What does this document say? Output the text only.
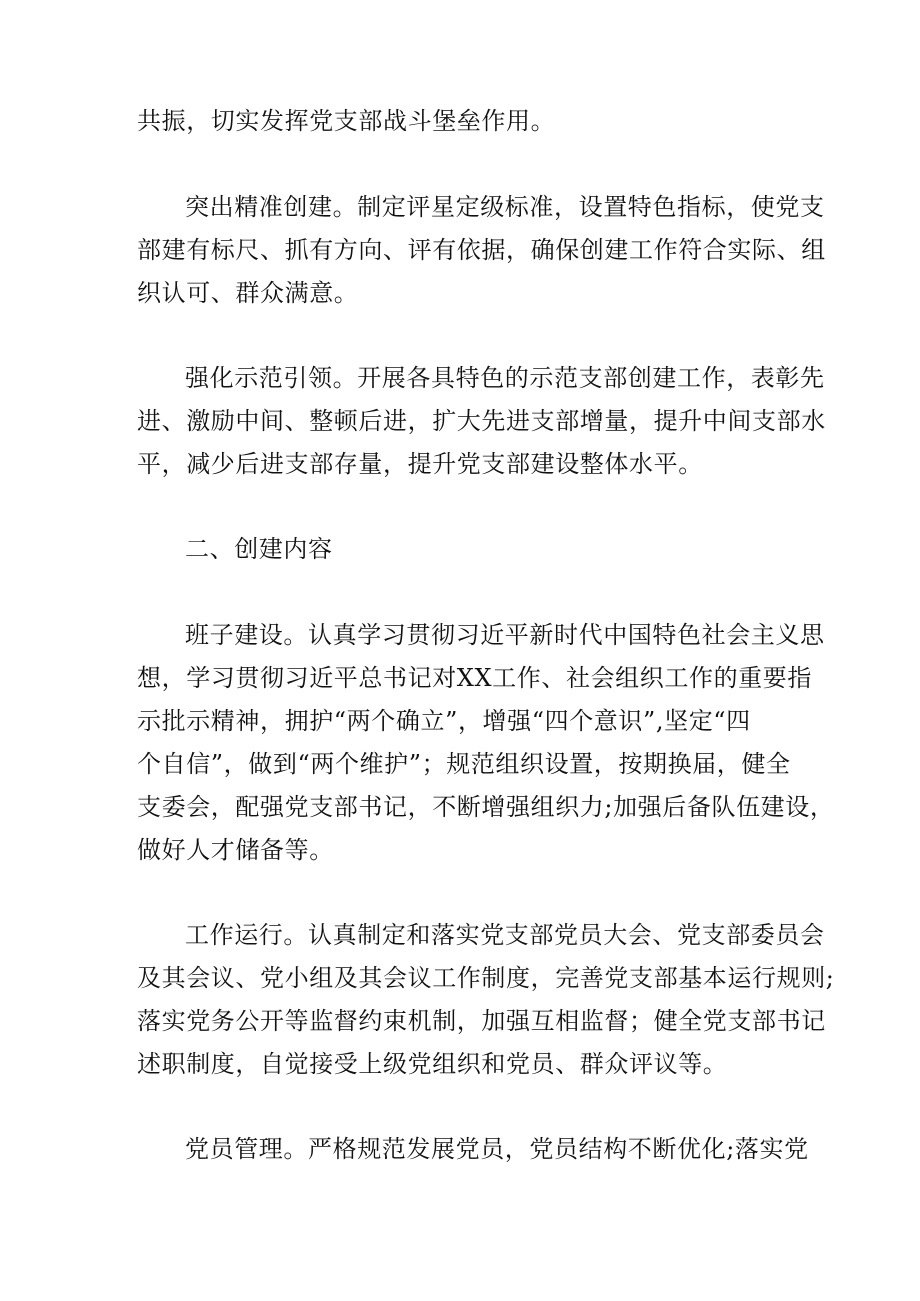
共振，切实发挥党支部战斗堡垒作用。
突出精准创建。制定评星定级标准，设置特色指标，使党支
部建有标尺、抓有方向、评有依据，确保创建工作符合实际、组
织认可、群众满意。
强化示范引领。开展各具特色的示范支部创建工作，表彰先
进、激励中间、整顿后进，扩大先进支部增量，提升中间支部水
平，减少后进支部存量，提升党支部建设整体水平。
二、创建内容
班子建设。认真学习贯彻习近平新时代中国特色社会主义思
想，学习贯彻习近平总书记对XX工作、社会组织工作的重要指
示批示精神，拥护“两个确立”，增强“四个意识”,坚定“四
个自信”，做到“两个维护”；规范组织设置，按期换届，健全
支委会，配强党支部书记，不断增强组织力;加强后备队伍建设，
做好人才储备等。
工作运行。认真制定和落实党支部党员大会、党支部委员会
及其会议、党小组及其会议工作制度，完善党支部基本运行规则;
落实党务公开等监督约束机制，加强互相监督；健全党支部书记
述职制度，自觉接受上级党组织和党员、群众评议等。
党员管理。严格规范发展党员，党员结构不断优化;落实党
